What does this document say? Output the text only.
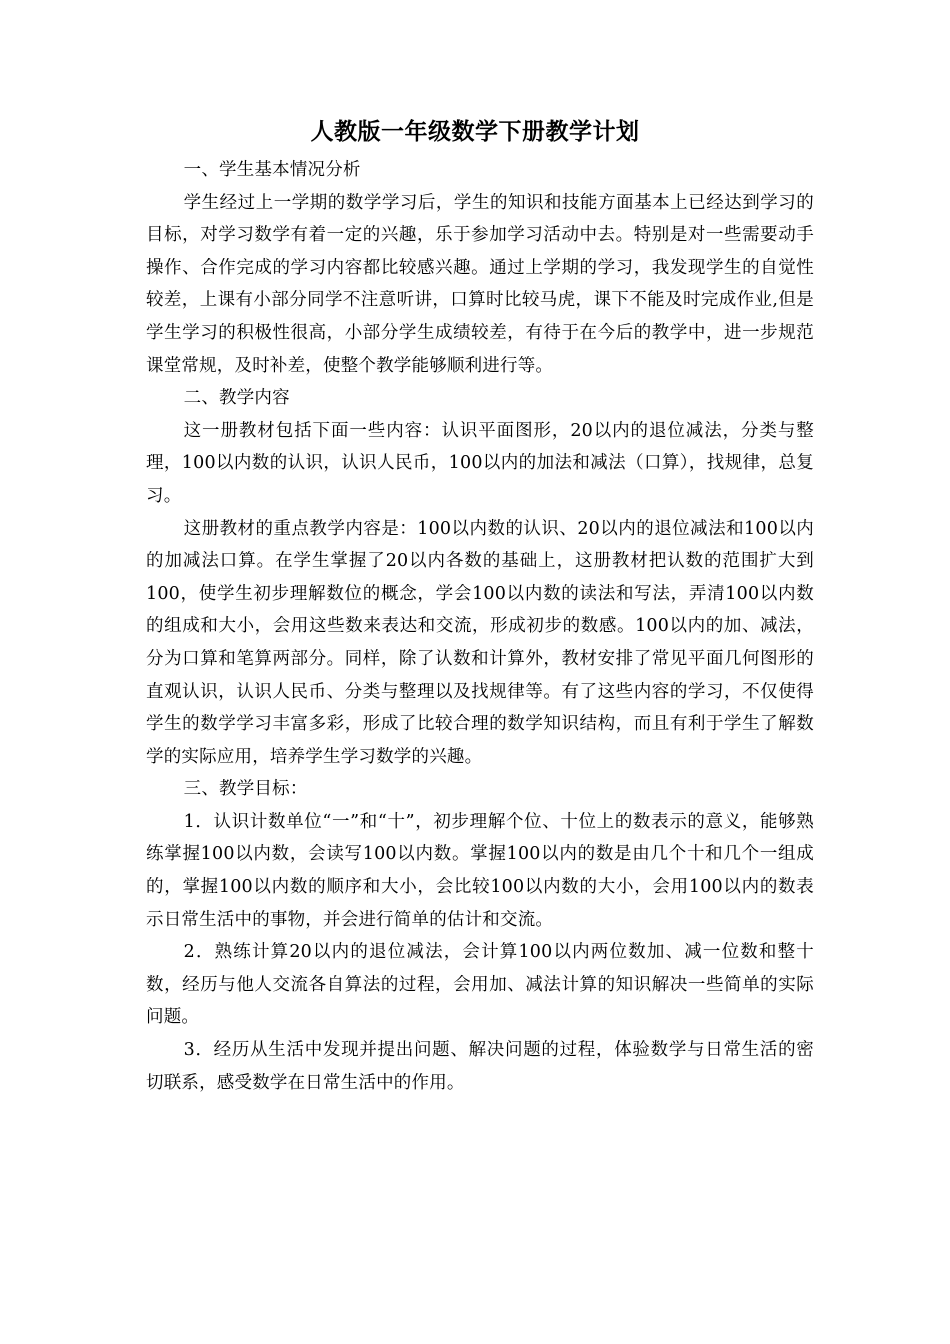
人教版一年级数学下册教学计划

一、学生基本情况分析

学生经过上一学期的数学学习后，学生的知识和技能方面基本上已经达到学习的目标，对学习数学有着一定的兴趣，乐于参加学习活动中去。特别是对一些需要动手操作、合作完成的学习内容都比较感兴趣。通过上学期的学习，我发现学生的自觉性较差，上课有小部分同学不注意听讲，口算时比较马虎，课下不能及时完成作业,但是学生学习的积极性很高，小部分学生成绩较差，有待于在今后的教学中，进一步规范课堂常规，及时补差，使整个教学能够顺利进行等。

二、教学内容

这一册教材包括下面一些内容：认识平面图形，20以内的退位减法，分类与整理，100以内数的认识，认识人民币，100以内的加法和减法（口算），找规律，总复习。

这册教材的重点教学内容是：100以内数的认识、20以内的退位减法和100以内的加减法口算。在学生掌握了20以内各数的基础上，这册教材把认数的范围扩大到100，使学生初步理解数位的概念，学会100以内数的读法和写法，弄清100以内数的组成和大小，会用这些数来表达和交流，形成初步的数感。100以内的加、减法，分为口算和笔算两部分。同样，除了认数和计算外，教材安排了常见平面几何图形的直观认识，认识人民币、分类与整理以及找规律等。有了这些内容的学习，不仅使得学生的数学学习丰富多彩，形成了比较合理的数学知识结构，而且有利于学生了解数学的实际应用，培养学生学习数学的兴趣。

三、教学目标：

1．认识计数单位“一”和“十”，初步理解个位、十位上的数表示的意义，能够熟练掌握100以内数，会读写100以内数。掌握100以内的数是由几个十和几个一组成的，掌握100以内数的顺序和大小，会比较100以内数的大小，会用100以内的数表示日常生活中的事物，并会进行简单的估计和交流。

2．熟练计算20以内的退位减法，会计算100以内两位数加、减一位数和整十数，经历与他人交流各自算法的过程，会用加、减法计算的知识解决一些简单的实际问题。

3．经历从生活中发现并提出问题、解决问题的过程，体验数学与日常生活的密切联系，感受数学在日常生活中的作用。
